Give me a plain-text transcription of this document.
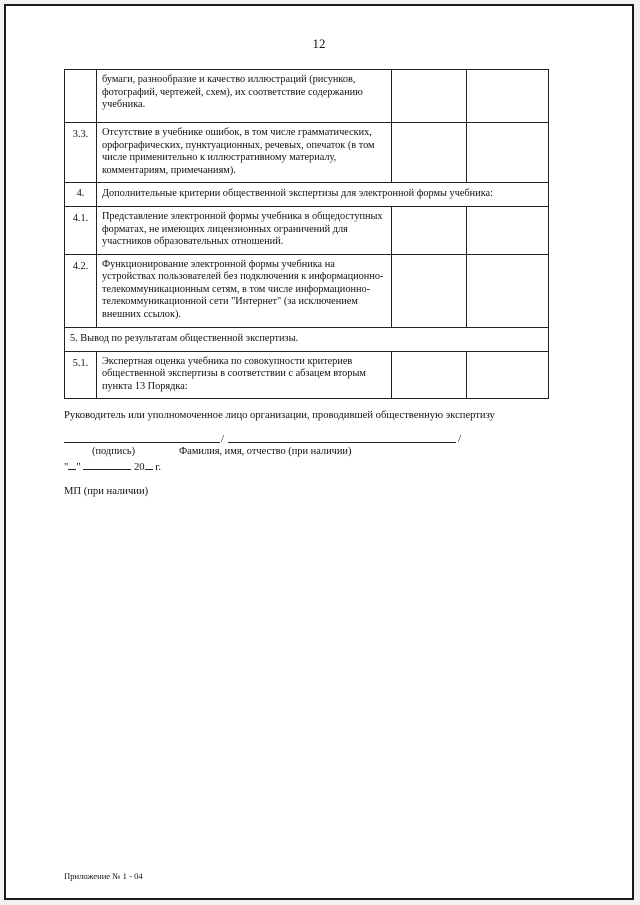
12
	бумаги, разнообразие и качество иллюстраций (рисунков, фотографий, чертежей, схем), их соответствие содержанию учебника.		
3.3.	Отсутствие в учебнике ошибок, в том числе грамматических, орфографических, пунктуационных, речевых, опечаток (в том числе применительно к иллюстративному материалу, комментариям, примечаниям).		
4.	Дополнительные критерии общественной экспертизы для электронной формы учебника:		
4.1.	Представление электронной формы учебника в общедоступных форматах, не имеющих лицензионных ограничений для участников образовательных отношений.		
4.2.	Функционирование электронной формы учебника на устройствах пользователей без подключения к информационно-телекоммуникационным сетям, в том числе информационно-телекоммуникационной сети "Интернет" (за исключением внешних ссылок).		
5. Вывод по результатам общественной экспертизы.			
5.1.	Экспертная оценка учебника по совокупности критериев общественной экспертизы в соответствии с абзацем вторым пункта 13 Порядка:		
Руководитель или уполномоченное лицо организации, проводившей общественную экспертизу
/	/
(подпись)	Фамилия, имя, отчество (при наличии)
" "	20 г.
МП (при наличии)
Приложение № 1 - 04
